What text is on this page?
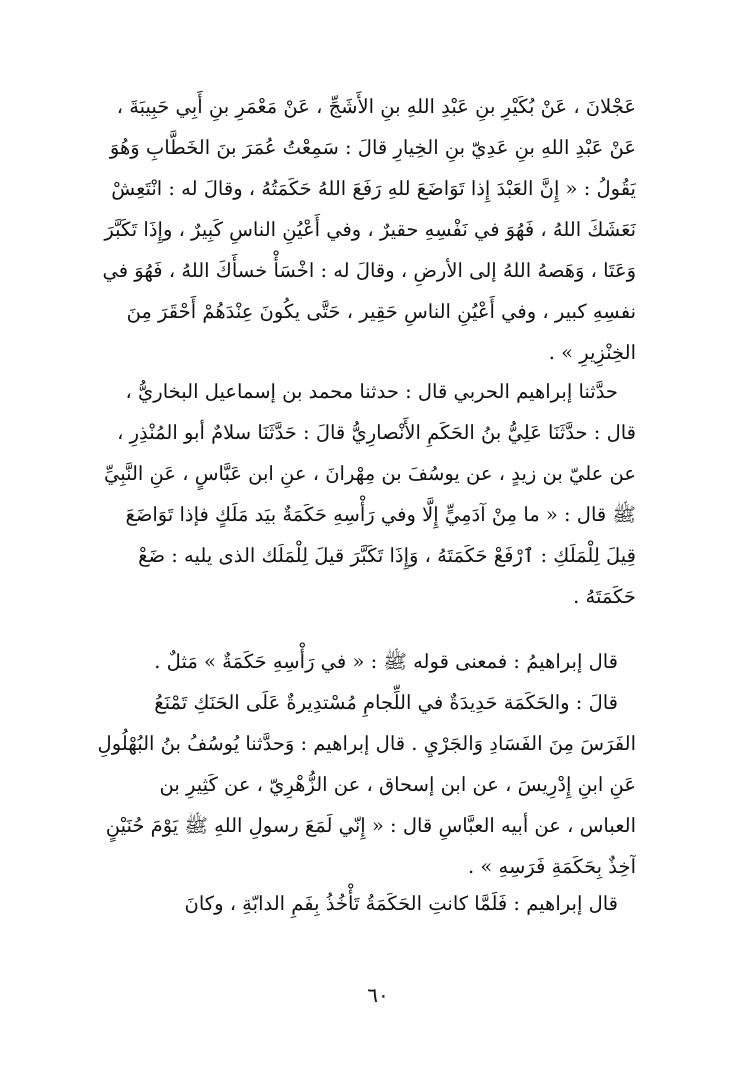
عَجْلانَ ، عَنْ بُكَيْرِ بنِ عَبْدِ اللهِ بنِ الأَشَجِّ ، عَنْ مَعْمَرِ بنِ أَبِي حَبِيبَةَ ،
عَنْ عَبْدِ اللهِ بنِ عَدِيّ بنِ الخِيارِ قالَ : سَمِعْتُ عُمَرَ بنَ الخَطَّابِ وَهُوَ
يَقُولُ : « إِنَّ العَبْدَ إِذا تَوَاضَعَ للهِ رَفَعَ اللهُ حَكَمَتُهُ ، وقالَ له : انْتَعِشْ
نَعَشَكَ اللهُ ، فَهُوَ في نَفْسِهِ حقيرٌ ، وفي أَعْيُنِ الناسِ كَبِيرٌ ، وإِذَا تَكَبَّرَ
وَعَتَا ، وَهَصهُ اللهُ إلى الأرضِ ، وقالَ له : اخْسَأْ خسأَكَ اللهُ ، فَهُوَ في
نفسِهِ كبير ، وفي أَعْيُنِ الناسِ حَقِير ، حَتَّى يكُونَ عِنْدَهُمْ أَحْقَرَ مِنَ
الخِنْزِيرِ » .
حدَّثنا إبراهيم الحربي قال : حدثنا محمد بن إسماعيل البخاريُّ ،
قال : حدَّثَنَا عَلِيُّ بنُ الحَكَمِ الأَنْصارِيُّ قالَ : حَدَّثَنَا سلامٌ أبو المُنْذِرِ ،
عن عليّ بن زيدٍ ، عن يوسُفَ بن مِهْرانَ ، عنِ ابن عَبَّاسٍ ، عَنِ النَّبِيِّ
ﷺ قال : « ما مِنْ آدَمِيٍّ إِلَّا وفي رَأْسِهِ حَكَمَةٌ بيَد مَلَكٍ فإذا تَوَاضَعَ
قِيلَ لِلْمَلَكِ : ٱرْفَعْ حَكَمَتَهُ ، وَإِذَا تَكَبَّرَ قيلَ لِلْمَلَك الذى يليه : ضَعْ
حَكَمَتَهُ .
قال إبراهيمُ : فمعنى قوله ﷺ : « في رَأْسِهِ حَكَمَةٌ » مَثلٌ .
قالَ : والحَكَمَة حَدِيدَةٌ في اللِّجامِ مُسْتدِيرةٌ عَلَى الحَنَكِ تَمْنَعُ
الفَرَسَ مِنَ الفَسَادِ وَالجَرْيِ . قال إبراهيم : وَحدَّثنا يُوسُفُ بنُ البُهْلُولِ
عَنِ ابنِ إِدْرِيسَ ، عن ابن إسحاق ، عن الزُّهْرِيّ ، عن كَثِيرِ بن
العباس ، عن أبيه العبَّاسِ قال : « إِنّي لَمَعَ رسولِ اللهِ ﷺ يَوْمَ حُنَيْنٍ
آخِذٌ بِحَكَمَةِ فَرَسِهِ » .
قال إبراهيم : فَلَمَّا كانتِ الحَكَمَةُ تَأْخُذُ بِفَمِ الدابّةِ ، وكانَ
٦٠
